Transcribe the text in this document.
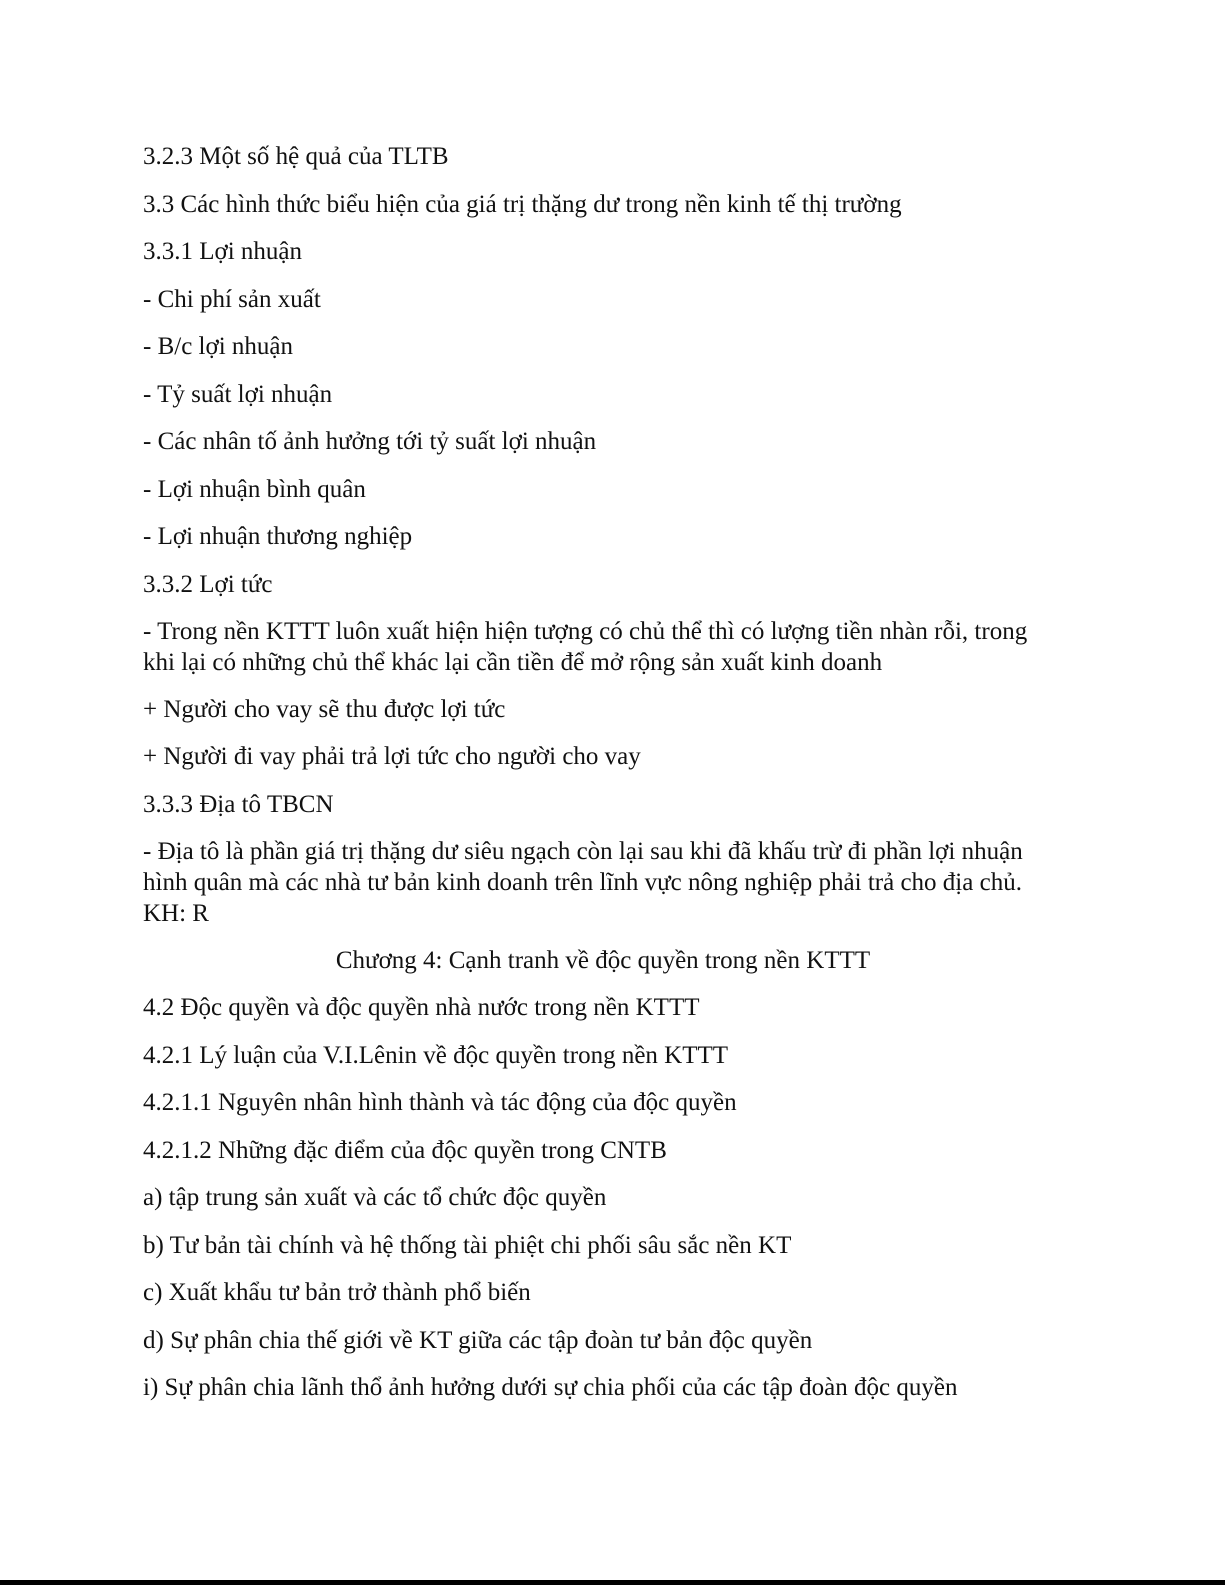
3.2.3 Một số hệ quả của TLTB
3.3 Các hình thức biểu hiện của giá trị thặng dư trong nền kinh tế thị trường
3.3.1 Lợi nhuận
- Chi phí sản xuất
- B/c lợi nhuận
- Tỷ suất lợi nhuận
- Các nhân tố ảnh hưởng tới tỷ suất lợi nhuận
- Lợi nhuận bình quân
- Lợi nhuận thương nghiệp
3.3.2 Lợi tức
- Trong nền KTTT luôn xuất hiện hiện tượng có chủ thể thì có lượng tiền nhàn rỗi, trong khi lại có những chủ thể khác lại cần tiền để mở rộng sản xuất kinh doanh
+ Người cho vay sẽ thu được lợi tức
+ Người đi vay phải trả lợi tức cho người cho vay
3.3.3 Địa tô TBCN
- Địa tô là phần giá trị thặng dư siêu ngạch còn lại sau khi đã khấu trừ đi phần lợi nhuận hình quân mà các nhà tư bản kinh doanh trên lĩnh vực nông nghiệp phải trả cho địa chủ. KH: R
Chương 4: Cạnh tranh về độc quyền trong nền KTTT
4.2 Độc quyền và độc quyền nhà nước trong nền KTTT
4.2.1 Lý luận của V.I.Lênin về độc quyền trong nền KTTT
4.2.1.1 Nguyên nhân hình thành và tác động của độc quyền
4.2.1.2 Những đặc điểm của độc quyền trong CNTB
a) tập trung sản xuất và các tổ chức độc quyền
b) Tư bản tài chính và hệ thống tài phiệt chi phối sâu sắc nền KT
c) Xuất khẩu tư bản trở thành phổ biến
d) Sự phân chia thế giới về KT giữa các tập đoàn tư bản độc quyền
i) Sự phân chia lãnh thổ ảnh hưởng dưới sự chia phối của các tập đoàn độc quyền
